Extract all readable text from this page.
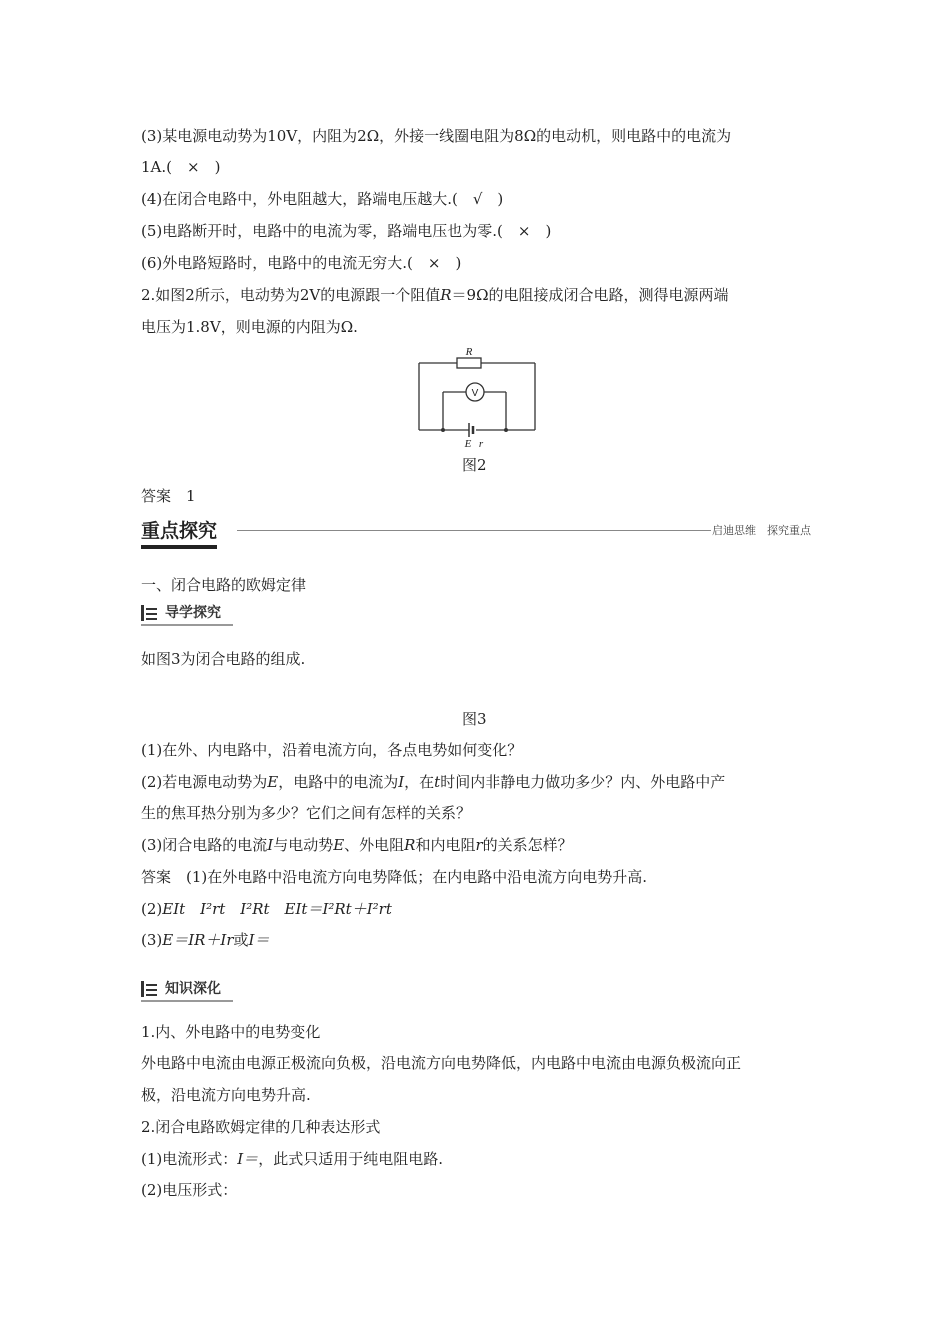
(3)某电源电动势为10V，内阻为2Ω，外接一线圈电阻为8Ω的电动机，则电路中的电流为
1A.(　×　)
(4)在闭合电路中，外电阻越大，路端电压越大.(　√　)
(5)电路断开时，电路中的电流为零，路端电压也为零.(　×　)
(6)外电路短路时，电路中的电流无穷大.(　×　)
2.如图2所示，电动势为2V的电源跟一个阻值R＝9Ω的电阻接成闭合电路，测得电源两端
电压为1.8V，则电源的内阻为Ω.
R
V
E r
图2
答案　1
重点探究	启迪思维　探究重点
一、闭合电路的欧姆定律
导学探究
如图3为闭合电路的组成.
图3
(1)在外、内电路中，沿着电流方向，各点电势如何变化？
(2)若电源电动势为E，电路中的电流为I，在t时间内非静电力做功多少？内、外电路中产
生的焦耳热分别为多少？它们之间有怎样的关系？
(3)闭合电路的电流I与电动势E、外电阻R和内电阻r的关系怎样？
答案　(1)在外电路中沿电流方向电势降低；在内电路中沿电流方向电势升高.
(2)EIt　I²rt　I²Rt　EIt＝I²Rt＋I²rt
(3)E＝IR＋Ir或I＝
知识深化
1.内、外电路中的电势变化
外电路中电流由电源正极流向负极，沿电流方向电势降低，内电路中电流由电源负极流向正
极，沿电流方向电势升高.
2.闭合电路欧姆定律的几种表达形式
(1)电流形式：I＝，此式只适用于纯电阻电路.
(2)电压形式：
